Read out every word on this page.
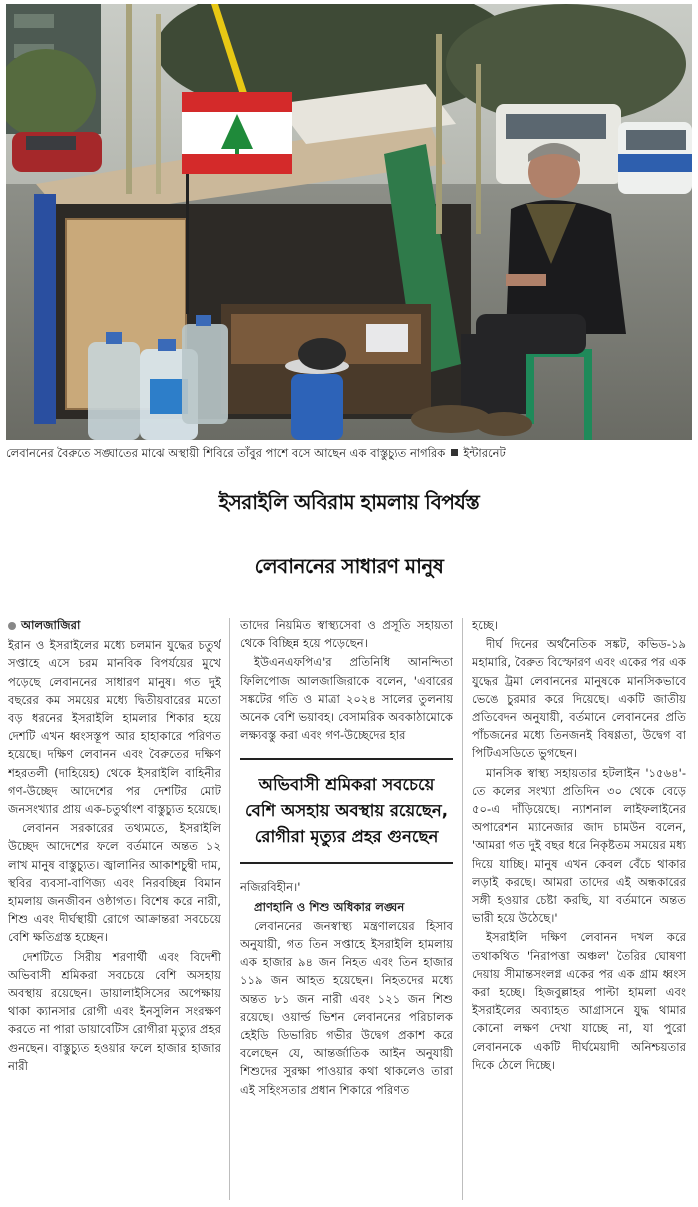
লেবাননের বৈরুতে সঙ্ঘাতের মাঝে অস্থায়ী শিবিরে তাঁবুর পাশে বসে আছেন এক বাস্তুচ্যুত নাগরিক ইন্টারনেট
ইসরাইলি অবিরাম হামলায় বিপর্যস্ত
লেবাননের সাধারণ মানুষ
আলজাজিরা

ইরান ও ইসরাইলের মধ্যে চলমান যুদ্ধের চতুর্থ সপ্তাহে এসে চরম মানবিক বিপর্যয়ের মুখে পড়েছে লেবাননের সাধারণ মানুষ। গত দুই বছরের কম সময়ের মধ্যে দ্বিতীয়বারের মতো বড় ধরনের ইসরাইলি হামলার শিকার হয়ে দেশটি এখন ধ্বংসস্তূপ আর হাহাকারে পরিণত হয়েছে। দক্ষিণ লেবানন এবং বৈরুতের দক্ষিণ শহরতলী (দাহিয়েহ) থেকে ইসরাইলি বাহিনীর গণ-উচ্ছেদ আদেশের পর দেশটির মোট জনসংখ্যার প্রায় এক-চতুর্থাংশ বাস্তুচ্যুত হয়েছে।

লেবানন সরকারের তথ্যমতে, ইসরাইলি উচ্ছেদ আদেশের ফলে বর্তমানে অন্তত ১২ লাখ মানুষ বাস্তুচ্যুত। জ্বালানির আকাশচুম্বী দাম, স্থবির ব্যবসা-বাণিজ্য এবং নিরবচ্ছিন্ন বিমান হামলায় জনজীবন ওষ্ঠাগত। বিশেষ করে নারী, শিশু এবং দীর্ঘস্থায়ী রোগে আক্রান্তরা সবচেয়ে বেশি ক্ষতিগ্রস্ত হচ্ছেন।

দেশটিতে সিরীয় শরণার্থী এবং বিদেশী অভিবাসী শ্রমিকরা সবচেয়ে বেশি অসহায় অবস্থায় রয়েছেন। ডায়ালাইসিসের অপেক্ষায় থাকা ক্যানসার রোগী এবং ইনসুলিন সংরক্ষণ করতে না পারা ডায়াবেটিস রোগীরা মৃত্যুর প্রহর গুনছেন। বাস্তুচ্যুত হওয়ার ফলে হাজার হাজার নারী

তাদের নিয়মিত স্বাস্থ্যসেবা ও প্রসূতি সহায়তা থেকে বিচ্ছিন্ন হয়ে পড়েছেন।

ইউএনএফপিএ'র প্রতিনিধি আনন্দিতা ফিলিপোজ আলজাজিরাকে বলেন, 'এবারের সঙ্কটের গতি ও মাত্রা ২০২৪ সালের তুলনায় অনেক বেশি ভয়াবহ। বেসামরিক অবকাঠামোকে লক্ষ্যবস্তু করা এবং গণ-উচ্ছেদের হার

অভিবাসী শ্রমিকরা সবচেয়ে বেশি অসহায় অবস্থায় রয়েছেন, রোগীরা মৃত্যুর প্রহর গুনছেন

নজিরবিহীন।'

প্রাণহানি ও শিশু অধিকার লঙ্ঘন

লেবাননের জনস্বাস্থ্য মন্ত্রণালয়ের হিসাব অনুযায়ী, গত তিন সপ্তাহে ইসরাইলি হামলায় এক হাজার ৯৪ জন নিহত এবং তিন হাজার ১১৯ জন আহত হয়েছেন। নিহতদের মধ্যে অন্তত ৮১ জন নারী এবং ১২১ জন শিশু রয়েছে। ওয়ার্ল্ড ভিশন লেবাননের পরিচালক হেইডি ডিভারিচ গভীর উদ্বেগ প্রকাশ করে বলেছেন যে, আন্তর্জাতিক আইন অনুযায়ী শিশুদের সুরক্ষা পাওয়ার কথা থাকলেও তারা এই সহিংসতার প্রধান শিকারে পরিণত

হচ্ছে।

দীর্ঘ দিনের অর্থনৈতিক সঙ্কট, কভিড-১৯ মহামারি, বৈরুত বিস্ফোরণ এবং একের পর এক যুদ্ধের ট্রমা লেবাননের মানুষকে মানসিকভাবে ভেঙে চুরমার করে দিয়েছে। একটি জাতীয় প্রতিবেদন অনুযায়ী, বর্তমানে লেবাননের প্রতি পাঁচজনের মধ্যে তিনজনই বিষণ্ণতা, উদ্বেগ বা পিটিএসডিতে ভুগছেন।

মানসিক স্বাস্থ্য সহায়তার হটলাইন '১৫৬৪'-তে কলের সংখ্যা প্রতিদিন ৩০ থেকে বেড়ে ৫০-এ দাঁড়িয়েছে। ন্যাশনাল লাইফলাইনের অপারেশন ম্যানেজার জাদ চামউন বলেন, 'আমরা গত দুই বছর ধরে নিকৃষ্টতম সময়ের মধ্য দিয়ে যাচ্ছি। মানুষ এখন কেবল বেঁচে থাকার লড়াই করছে। আমরা তাদের এই অন্ধকারের সঙ্গী হওয়ার চেষ্টা করছি, যা বর্তমানে অন্তত ভারী হয়ে উঠেছে।'

ইসরাইলি দক্ষিণ লেবানন দখল করে তথাকথিত 'নিরাপত্তা অঞ্চল' তৈরির ঘোষণা দেয়ায় সীমান্তসংলগ্ন একের পর এক গ্রাম ধ্বংস করা হচ্ছে। হিজবুল্লাহর পাল্টা হামলা এবং ইসরাইলের অব্যাহত আগ্রাসনে যুদ্ধ থামার কোনো লক্ষণ দেখা যাচ্ছে না, যা পুরো লেবাননকে একটি দীর্ঘমেয়াদী অনিশ্চয়তার দিকে ঠেলে দিচ্ছে।
